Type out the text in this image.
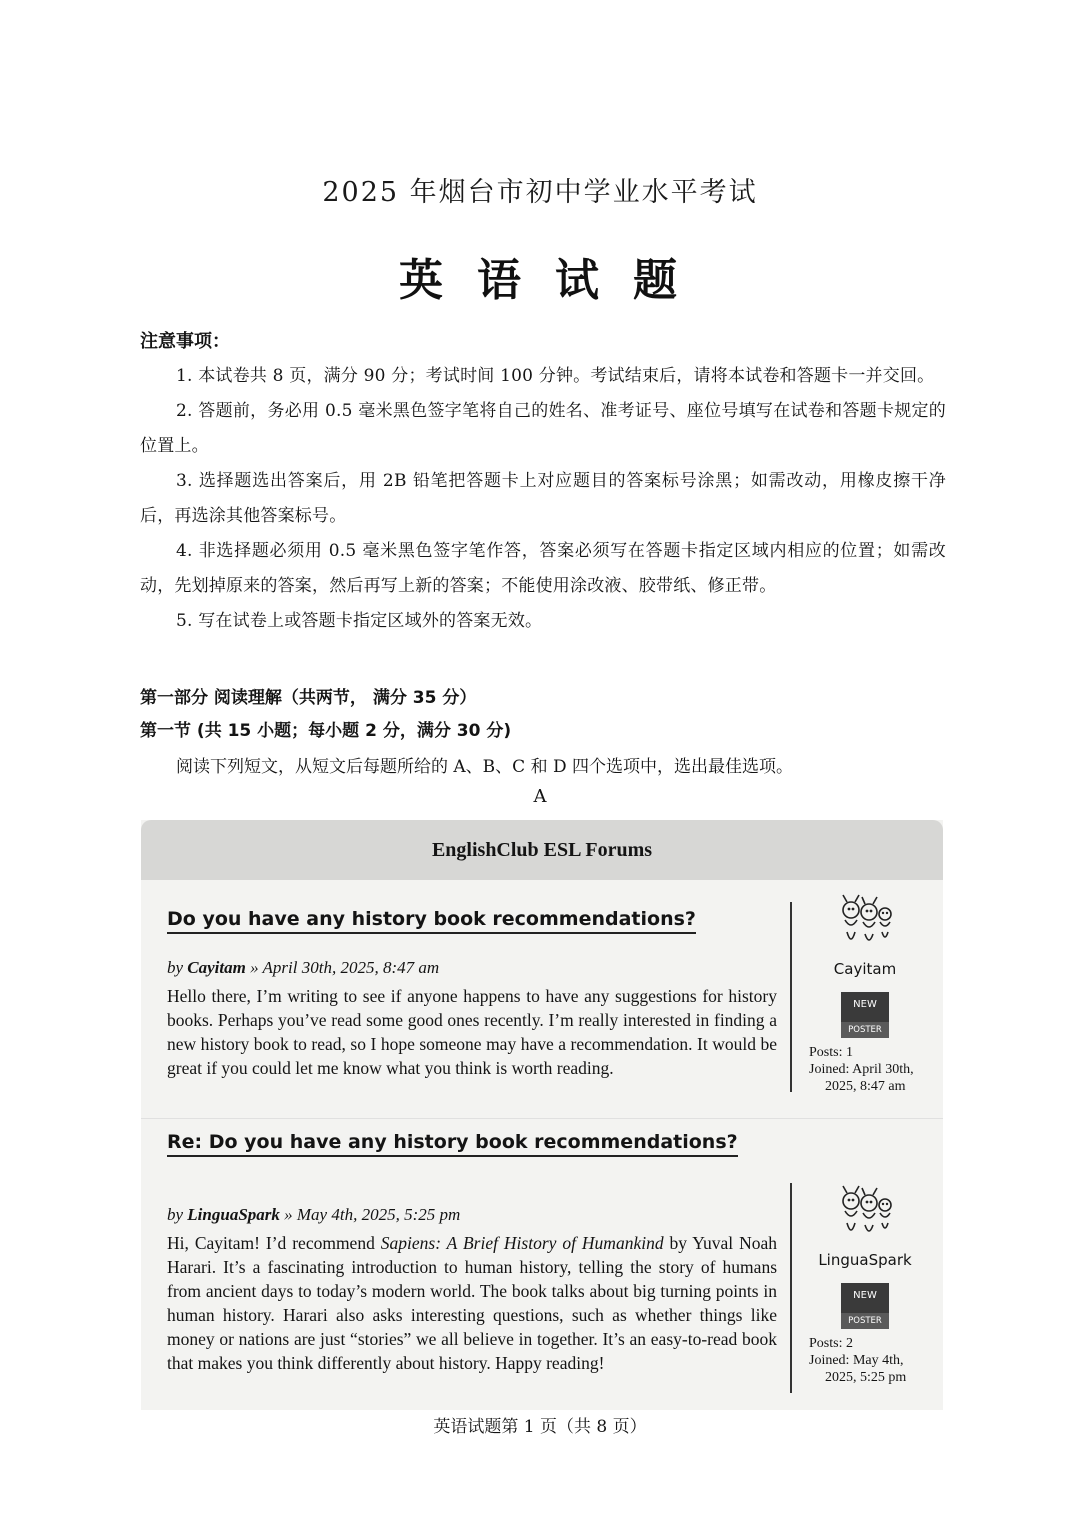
2025 年烟台市初中学业水平考试
英语试题

注意事项：

1. 本试卷共 8 页，满分 90 分；考试时间 100 分钟。考试结束后，请将本试卷和答题卡一并交回。

2. 答题前，务必用 0.5 毫米黑色签字笔将自己的姓名、准考证号、座位号填写在试卷和答题卡规定的位置上。

3. 选择题选出答案后，用 2B 铅笔把答题卡上对应题目的答案标号涂黑；如需改动，用橡皮擦干净后，再选涂其他答案标号。

4. 非选择题必须用 0.5 毫米黑色签字笔作答，答案必须写在答题卡指定区域内相应的位置；如需改动，先划掉原来的答案，然后再写上新的答案；不能使用涂改液、胶带纸、修正带。

5. 写在试卷上或答题卡指定区域外的答案无效。

第一部分 阅读理解（共两节， 满分 35 分）
第一节 (共 15 小题；每小题 2 分，满分 30 分)
阅读下列短文，从短文后每题所给的 A、B、C 和 D 四个选项中，选出最佳选项。
A
EnglishClub ESL Forums
Do you have any history book recommendations?
by Cayitam » April 30th, 2025, 8:47 am
Hello there, I’m writing to see if anyone happens to have any suggestions for history books. Perhaps you’ve read some good ones recently. I’m really interested in finding a new history book to read, so I hope someone may have a recommendation. It would be great if you could let me know what you think is worth reading.
Cayitam
NEW
POSTER
Posts: 1
Joined: April 30th,
2025, 8:47 am
Re: Do you have any history book recommendations?
by LinguaSpark » May 4th, 2025, 5:25 pm
Hi, Cayitam! I’d recommend Sapiens: A Brief History of Humankind by Yuval Noah Harari. It’s a fascinating introduction to human history, telling the story of humans from ancient days to today’s modern world. The book talks about big turning points in human history. Harari also asks interesting questions, such as whether things like money or nations are just “stories” we all believe in together. It’s an easy-to-read book that makes you think differently about history. Happy reading!
LinguaSpark
NEW
POSTER
Posts: 2
Joined: May 4th,
2025, 5:25 pm
英语试题第 1 页（共 8 页）
